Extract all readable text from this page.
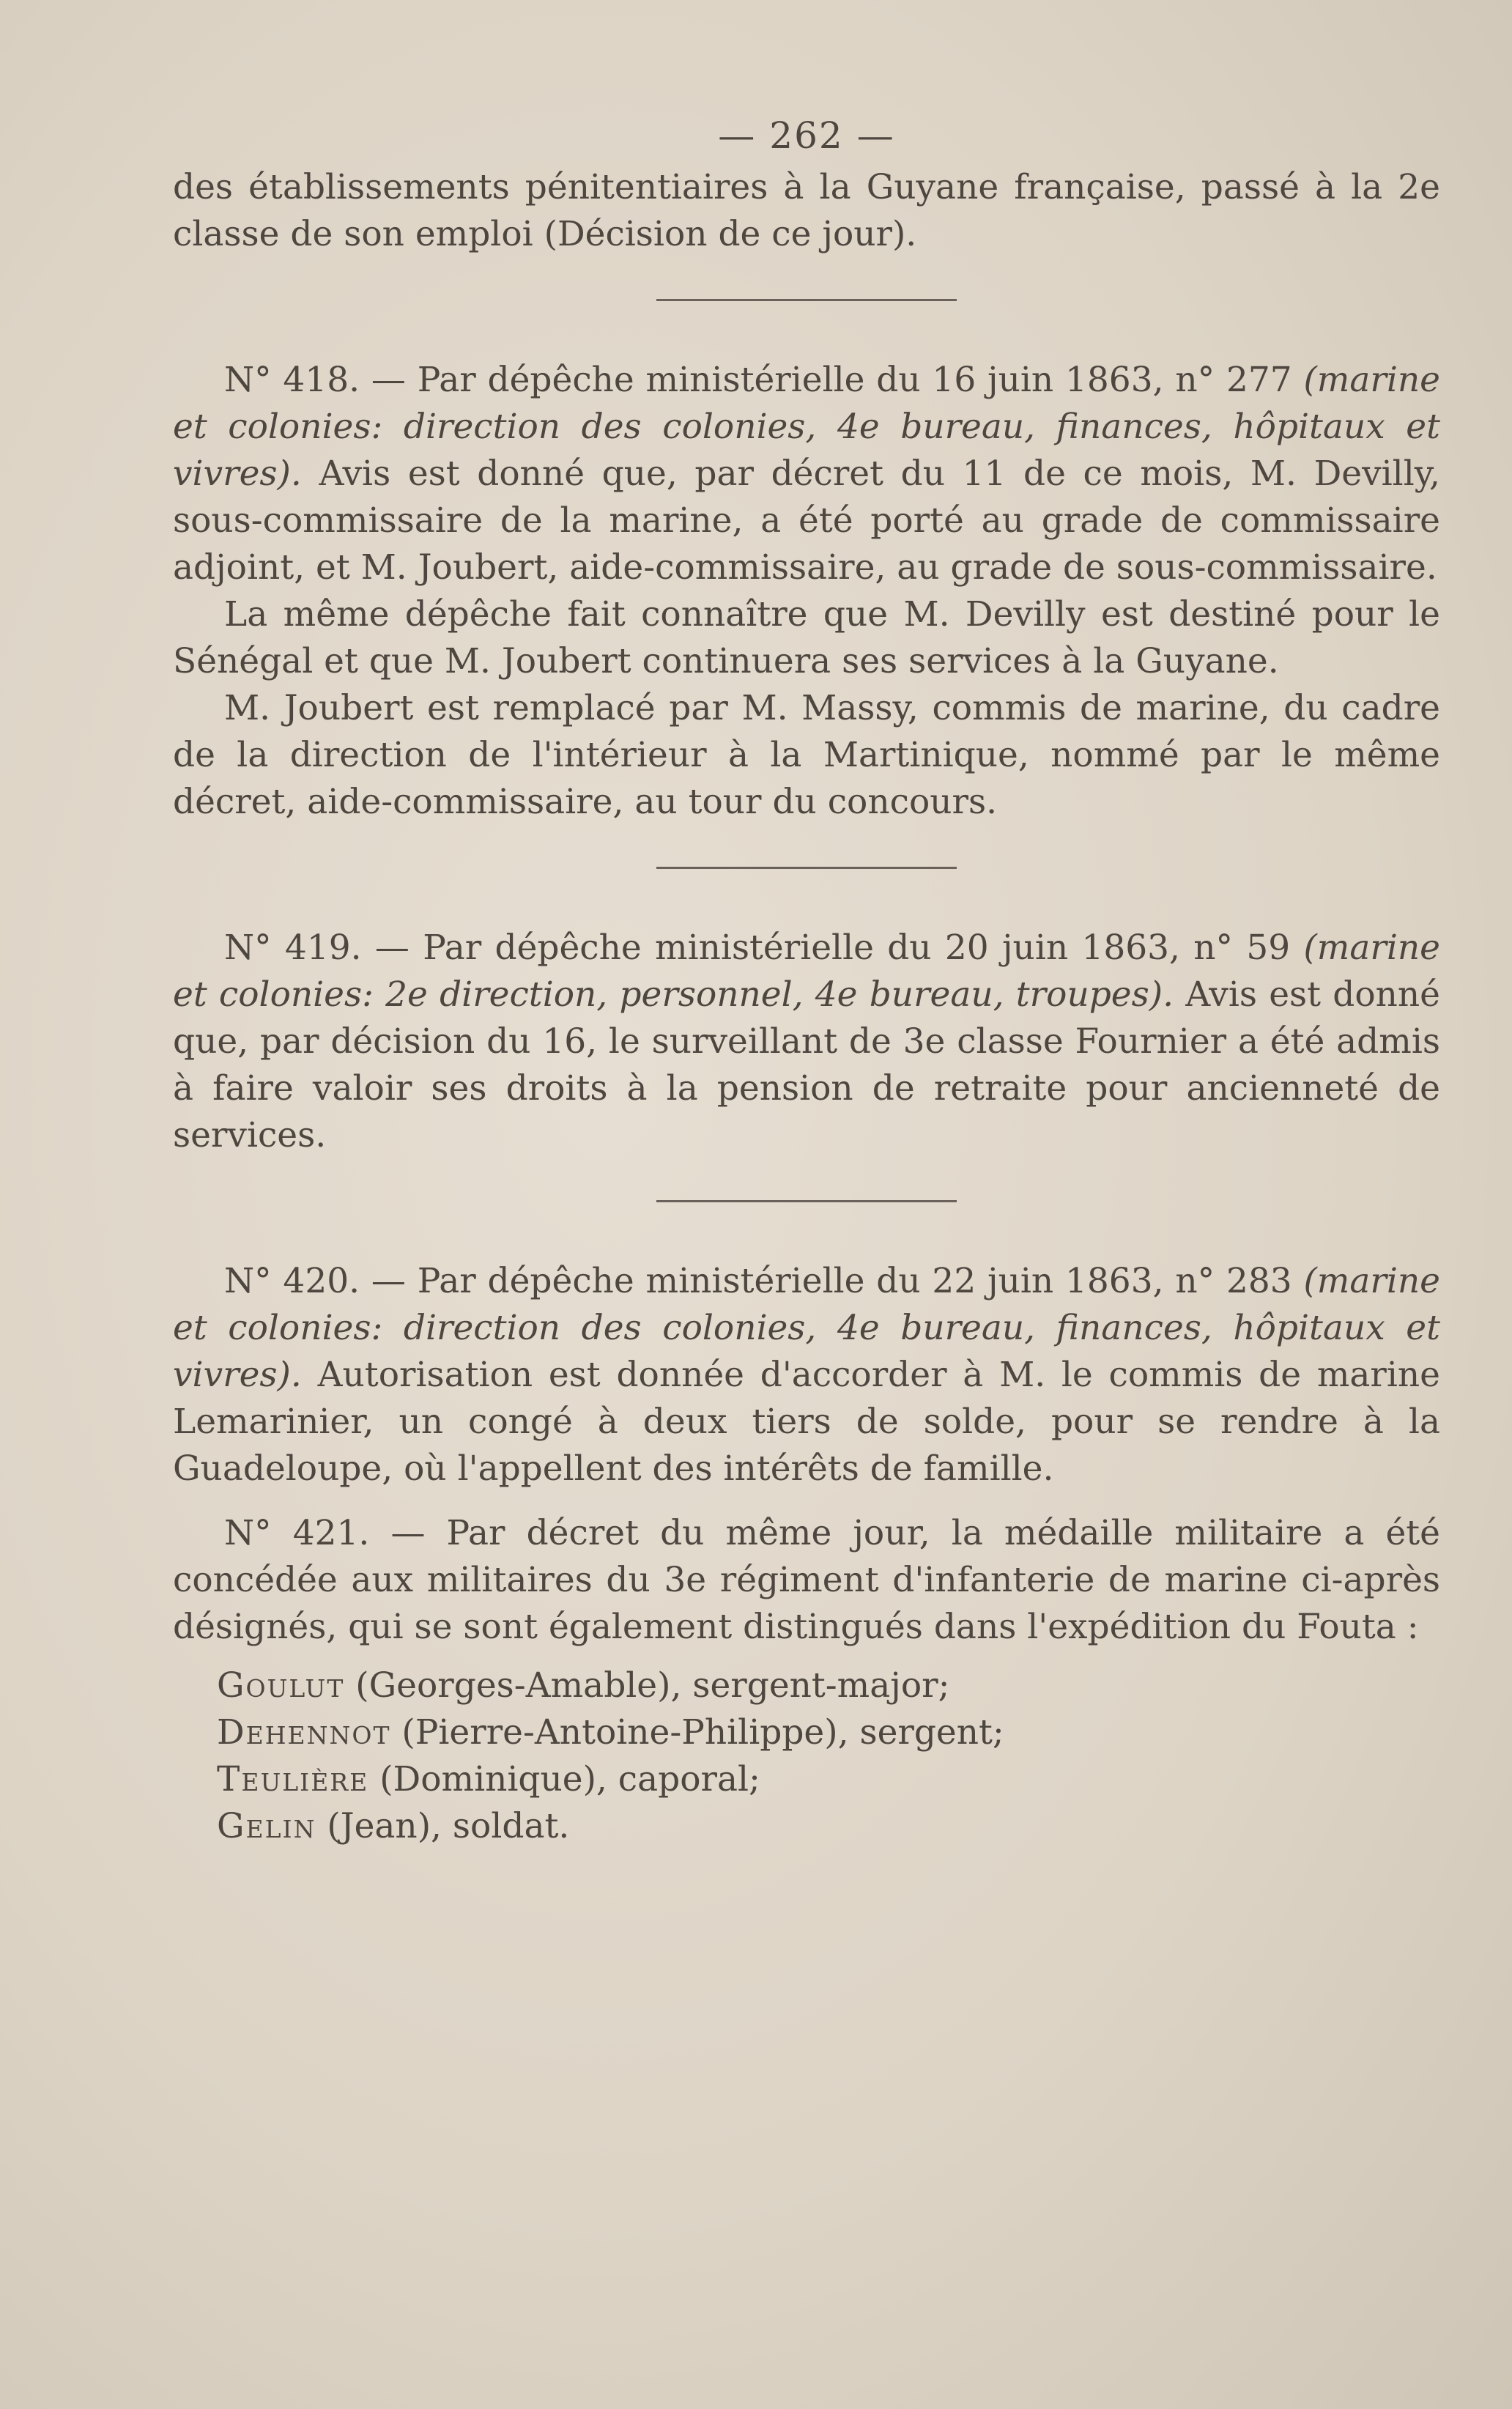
— 262 —

des établissements pénitentiaires à la Guyane française, passé à la 2e classe de son emploi (Décision de ce jour).

N° 418. — Par dépêche ministérielle du 16 juin 1863, n° 277 (marine et colonies: direction des colonies, 4e bureau, finances, hôpitaux et vivres). Avis est donné que, par décret du 11 de ce mois, M. Devilly, sous-commissaire de la marine, a été porté au grade de commissaire adjoint, et M. Joubert, aide-commissaire, au grade de sous-commissaire.

La même dépêche fait connaître que M. Devilly est destiné pour le Sénégal et que M. Joubert continuera ses services à la Guyane.

M. Joubert est remplacé par M. Massy, commis de marine, du cadre de la direction de l'intérieur à la Martinique, nommé par le même décret, aide-commissaire, au tour du concours.

N° 419. — Par dépêche ministérielle du 20 juin 1863, n° 59 (marine et colonies: 2e direction, personnel, 4e bureau, troupes). Avis est donné que, par décision du 16, le surveillant de 3e classe Fournier a été admis à faire valoir ses droits à la pension de retraite pour ancienneté de services.

N° 420. — Par dépêche ministérielle du 22 juin 1863, n° 283 (marine et colonies: direction des colonies, 4e bureau, finances, hôpitaux et vivres). Autorisation est donnée d'accorder à M. le commis de marine Lemarinier, un congé à deux tiers de solde, pour se rendre à la Guadeloupe, où l'appellent des intérêts de famille.

N° 421. — Par décret du même jour, la médaille militaire a été concédée aux militaires du 3e régiment d'infanterie de marine ci-après désignés, qui se sont également distingués dans l'expédition du Fouta :

Goulut (Georges-Amable), sergent-major;
Dehennot (Pierre-Antoine-Philippe), sergent;
Teulière (Dominique), caporal;
Gelin (Jean), soldat.
